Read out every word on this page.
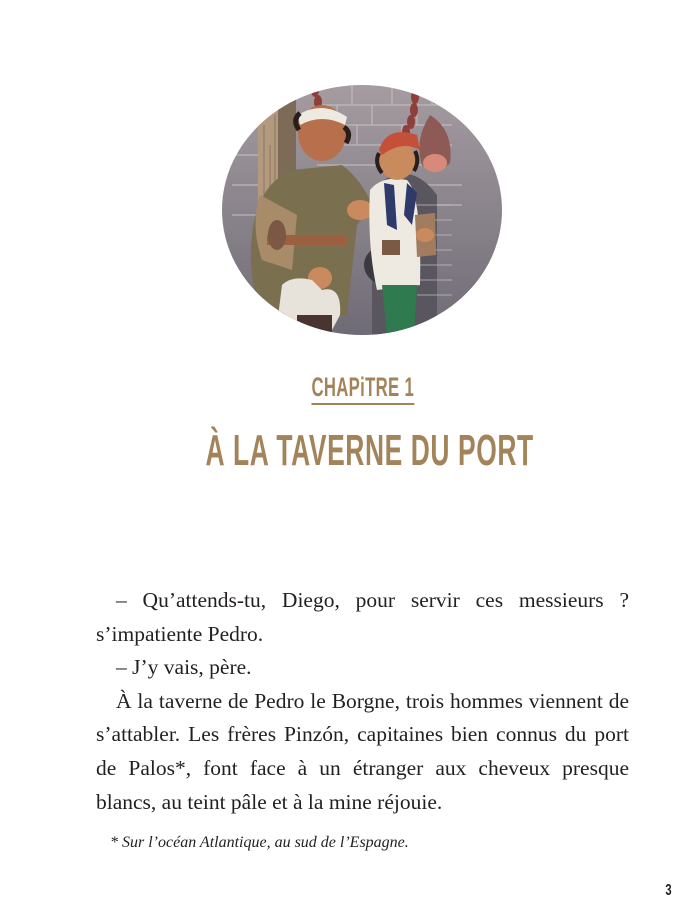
CHAPiTRE 1
À LA TAVERNE DU PORT

– Qu’attends-tu, Diego, pour servir ces messieurs ? s’impatiente Pedro.

– J’y vais, père.

À la taverne de Pedro le Borgne, trois hommes viennent de s’attabler. Les frères Pinzón, capitaines bien connus du port de Palos*, font face à un étranger aux cheveux presque blancs, au teint pâle et à la mine réjouie.

* Sur l’océan Atlantique, au sud de l’Espagne.
3
